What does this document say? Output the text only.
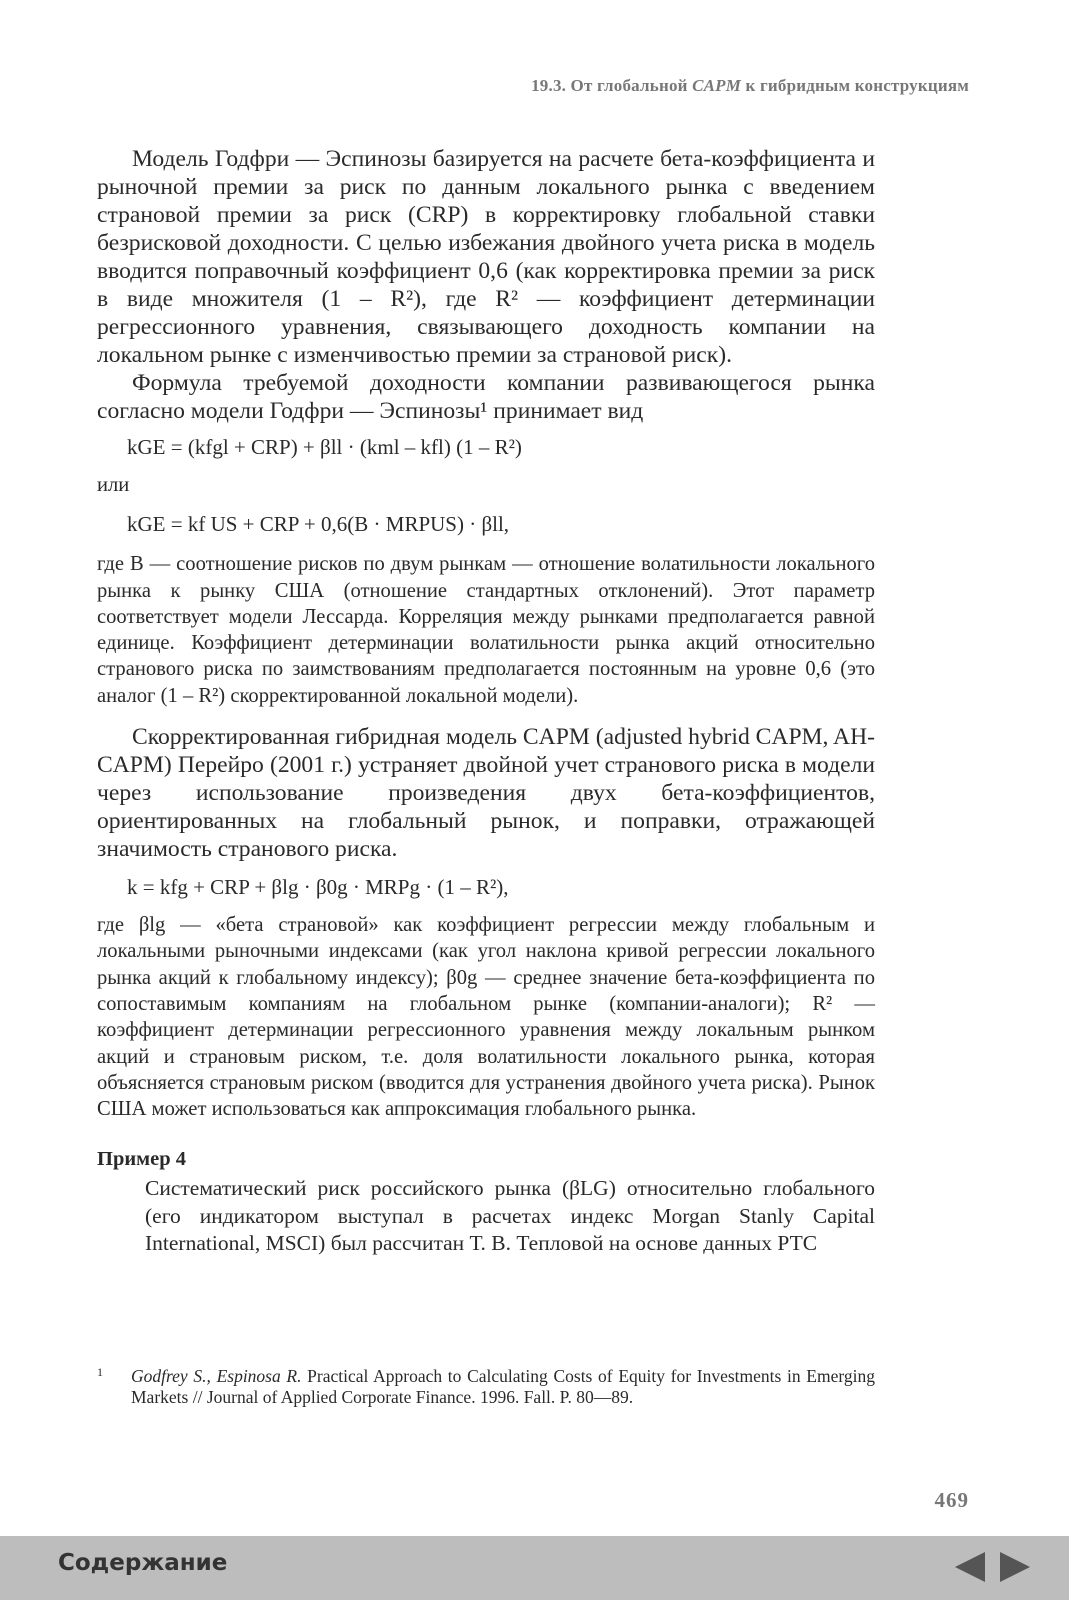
19.3. От глобальной CAPM к гибридным конструкциям

Модель Годфри — Эспинозы базируется на расчете бета-коэффициента и рыночной премии за риск по данным локального рынка с введением страновой премии за риск (CRP) в корректировку глобальной ставки безрисковой доходности. С целью избежания двойного учета риска в модель вводится поправочный коэффициент 0,6 (как корректировка премии за риск в виде множителя (1 – R²), где R² — коэффициент детерминации регрессионного уравнения, связывающего доходность компании на локальном рынке с изменчивостью премии за страновой риск).

Формула требуемой доходности компании развивающегося рынка согласно модели Годфри — Эспинозы¹ принимает вид

kGE = (kfgl + CRP) + βll · (kml – kfl) (1 – R²)

или

kGE = kf US + CRP + 0,6(B · MRPUS) · βll,

где B — соотношение рисков по двум рынкам — отношение волатильности локального рынка к рынку США (отношение стандартных отклонений). Этот параметр соответствует модели Лессарда. Корреляция между рынками предполагается равной единице. Коэффициент детерминации волатильности рынка акций относительно странового риска по заимствованиям предполагается постоянным на уровне 0,6 (это аналог (1 – R²) скорректированной локальной модели).

Скорректированная гибридная модель CAPM (adjusted hybrid CAPM, AH-CAPM) Перейро (2001 г.) устраняет двойной учет странового риска в модели через использование произведения двух бета-коэффициентов, ориентированных на глобальный рынок, и поправки, отражающей значимость странового риска.

k = kfg + CRP + βlg · β0g · MRPg · (1 – R²),

где βlg — «бета страновой» как коэффициент регрессии между глобальным и локальными рыночными индексами (как угол наклона кривой регрессии локального рынка акций к глобальному индексу); β0g — среднее значение бета-коэффициента по сопоставимым компаниям на глобальном рынке (компании-аналоги); R² — коэффициент детерминации регрессионного уравнения между локальным рынком акций и страновым риском, т.е. доля волатильности локального рынка, которая объясняется страновым риском (вводится для устранения двойного учета риска). Рынок США может использоваться как аппроксимация глобального рынка.

Пример 4

Систематический риск российского рынка (βLG) относительно глобального (его индикатором выступал в расчетах индекс Morgan Stanly Capital International, MSCI) был рассчитан Т. В. Тепловой на основе данных РТС

1 Godfrey S., Espinosa R. Practical Approach to Calculating Costs of Equity for Investments in Emerging Markets // Journal of Applied Corporate Finance. 1996. Fall. P. 80—89.
469
Содержание
